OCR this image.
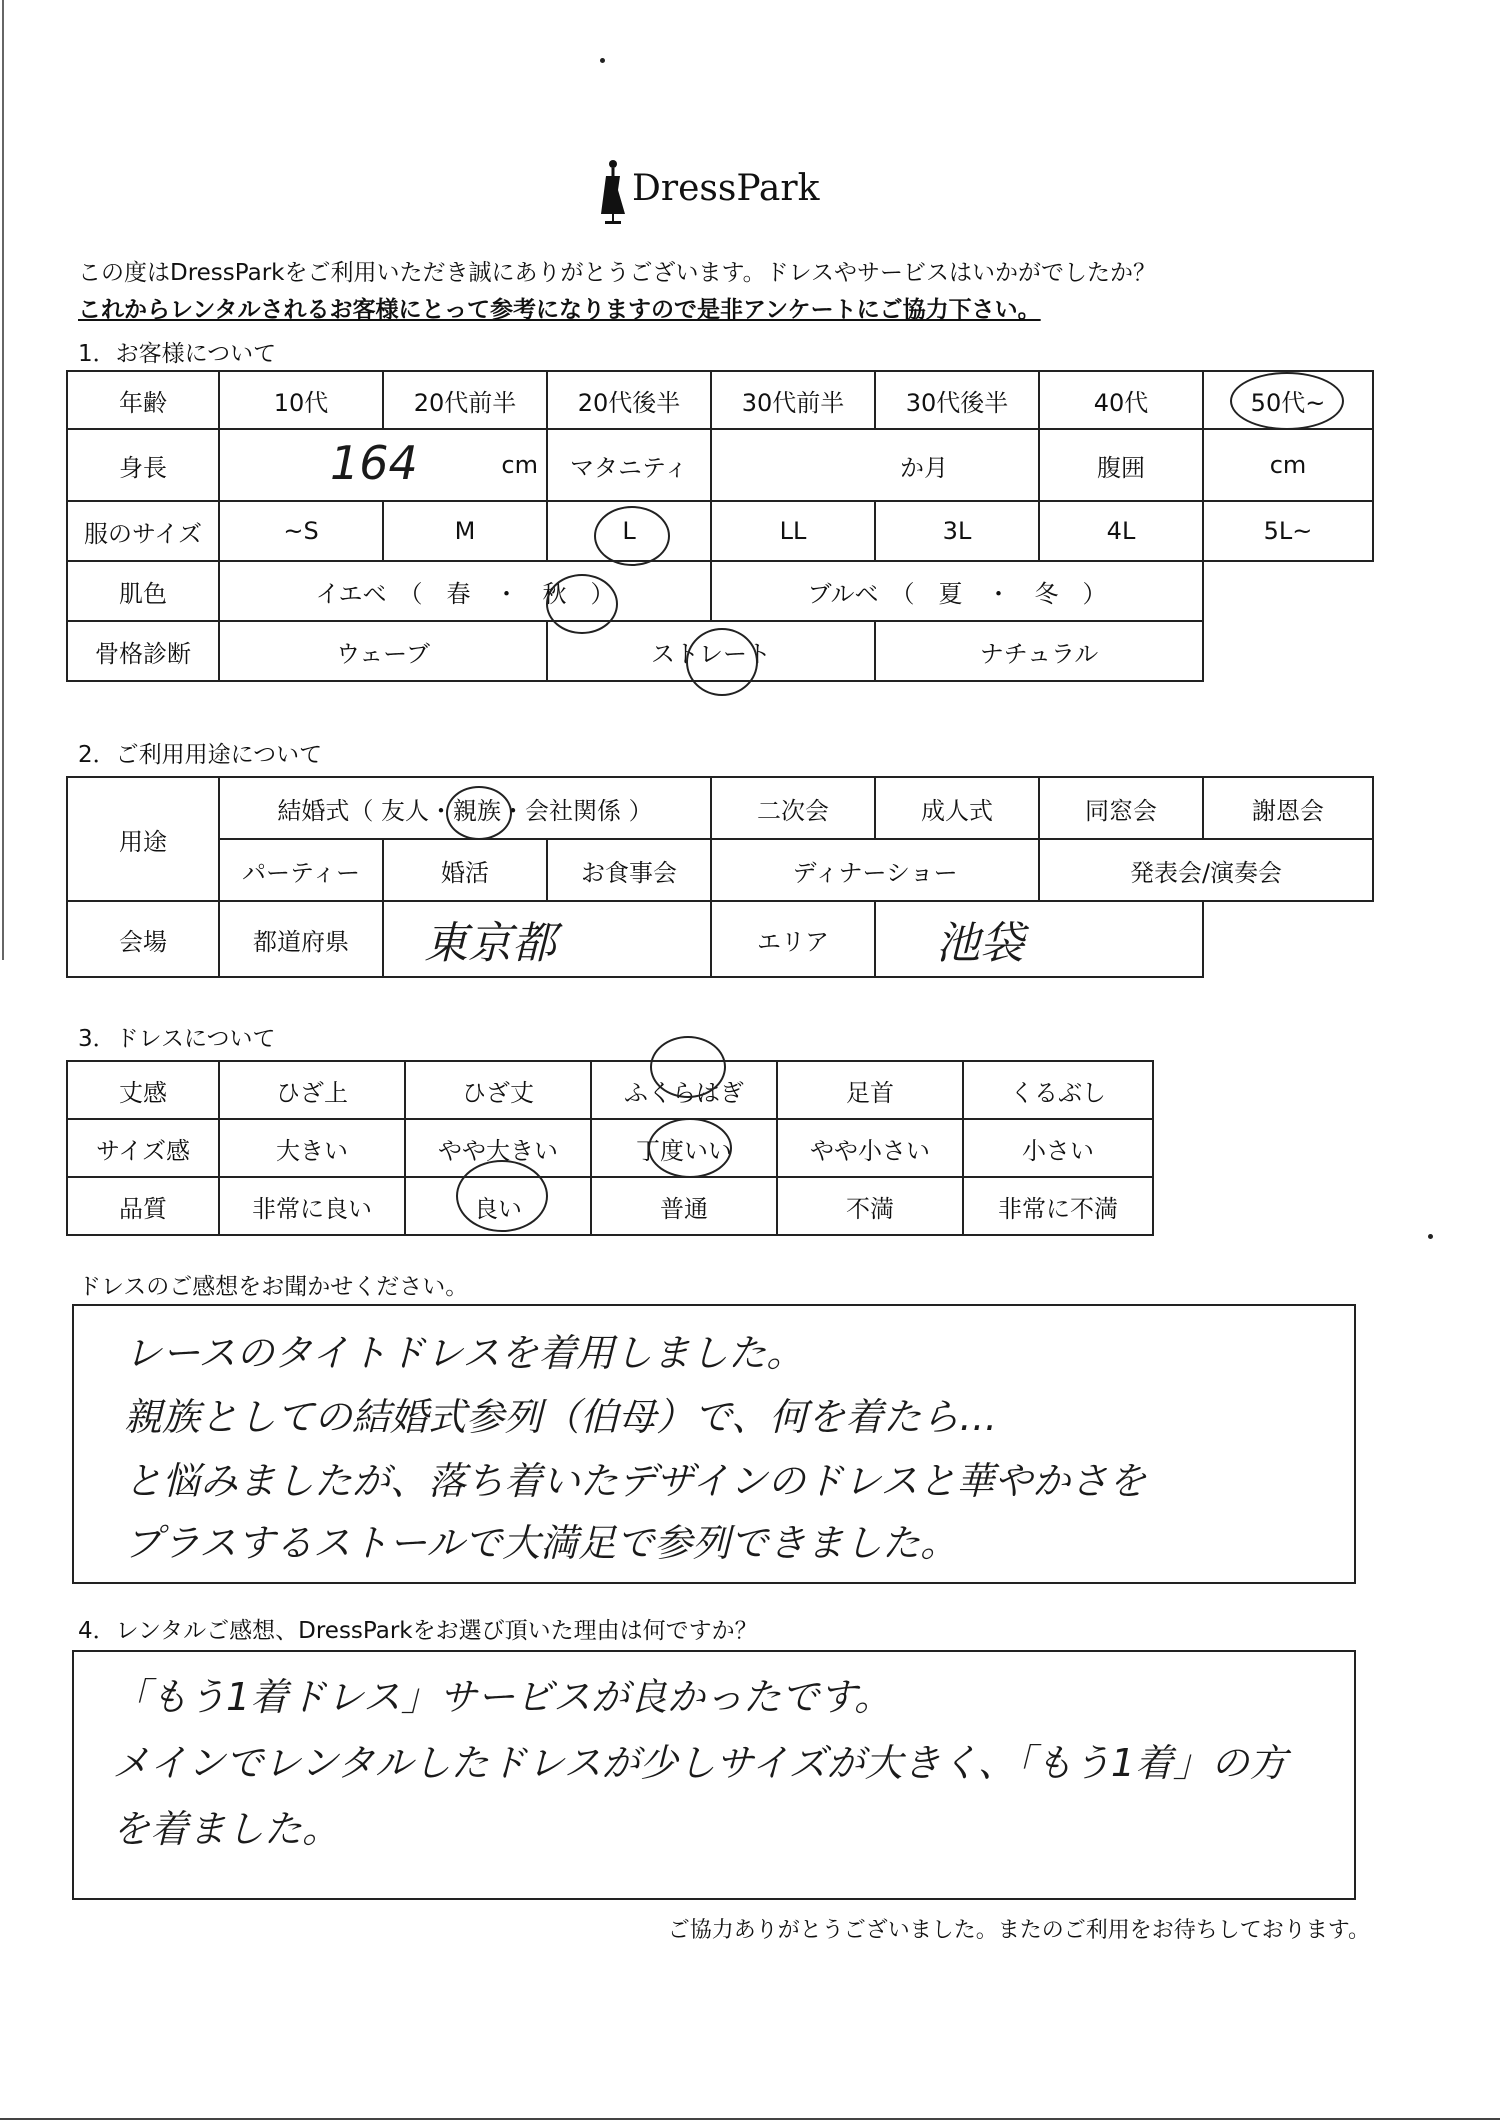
DressPark
この度はDressParkをご利用いただき誠にありがとうございます。ドレスやサービスはいかがでしたか？
これからレンタルされるお客様にとって参考になりますので是非アンケートにご協力下さい。
1．お客様について
年齢	10代	20代前半	20代後半	30代前半	30代後半	40代	50代~
身長	164 cm		マタニティ	か月		腹囲	cm
服のサイズ	~S	M	L	LL	3L	4L	5L~
肌色	イエベ　（　春　・　秋　）			ブルベ　（　夏　・　冬　）			
骨格診断	ウェーブ		ストレート		ナチュラル		
2．ご利用用途について
用途	結婚式（ 友人・親族・会社関係 ）			二次会	成人式	同窓会	謝恩会
	パーティー	婚活	お食事会	ディナーショー		発表会/演奏会	
会場	都道府県	東京都		エリア	池袋		
3．ドレスについて
丈感	ひざ上	ひざ丈	ふくらはぎ	足首	くるぶし
サイズ感	大きい	やや大きい	丁度いい	やや小さい	小さい
品質	非常に良い	良い	普通	不満	非常に不満
ドレスのご感想をお聞かせください。
レースのタイトドレスを着用しました。
親族としての結婚式参列（伯母）で、何を着たら…
と悩みましたが、落ち着いたデザインのドレスと華やかさを
プラスするストールで大満足で参列できました。
4．レンタルご感想、DressParkをお選び頂いた理由は何ですか？
「もう1着ドレス」サービスが良かったです。
メインでレンタルしたドレスが少しサイズが大きく、「もう1着」の方
を着ました。
ご協力ありがとうございました。またのご利用をお待ちしております。
